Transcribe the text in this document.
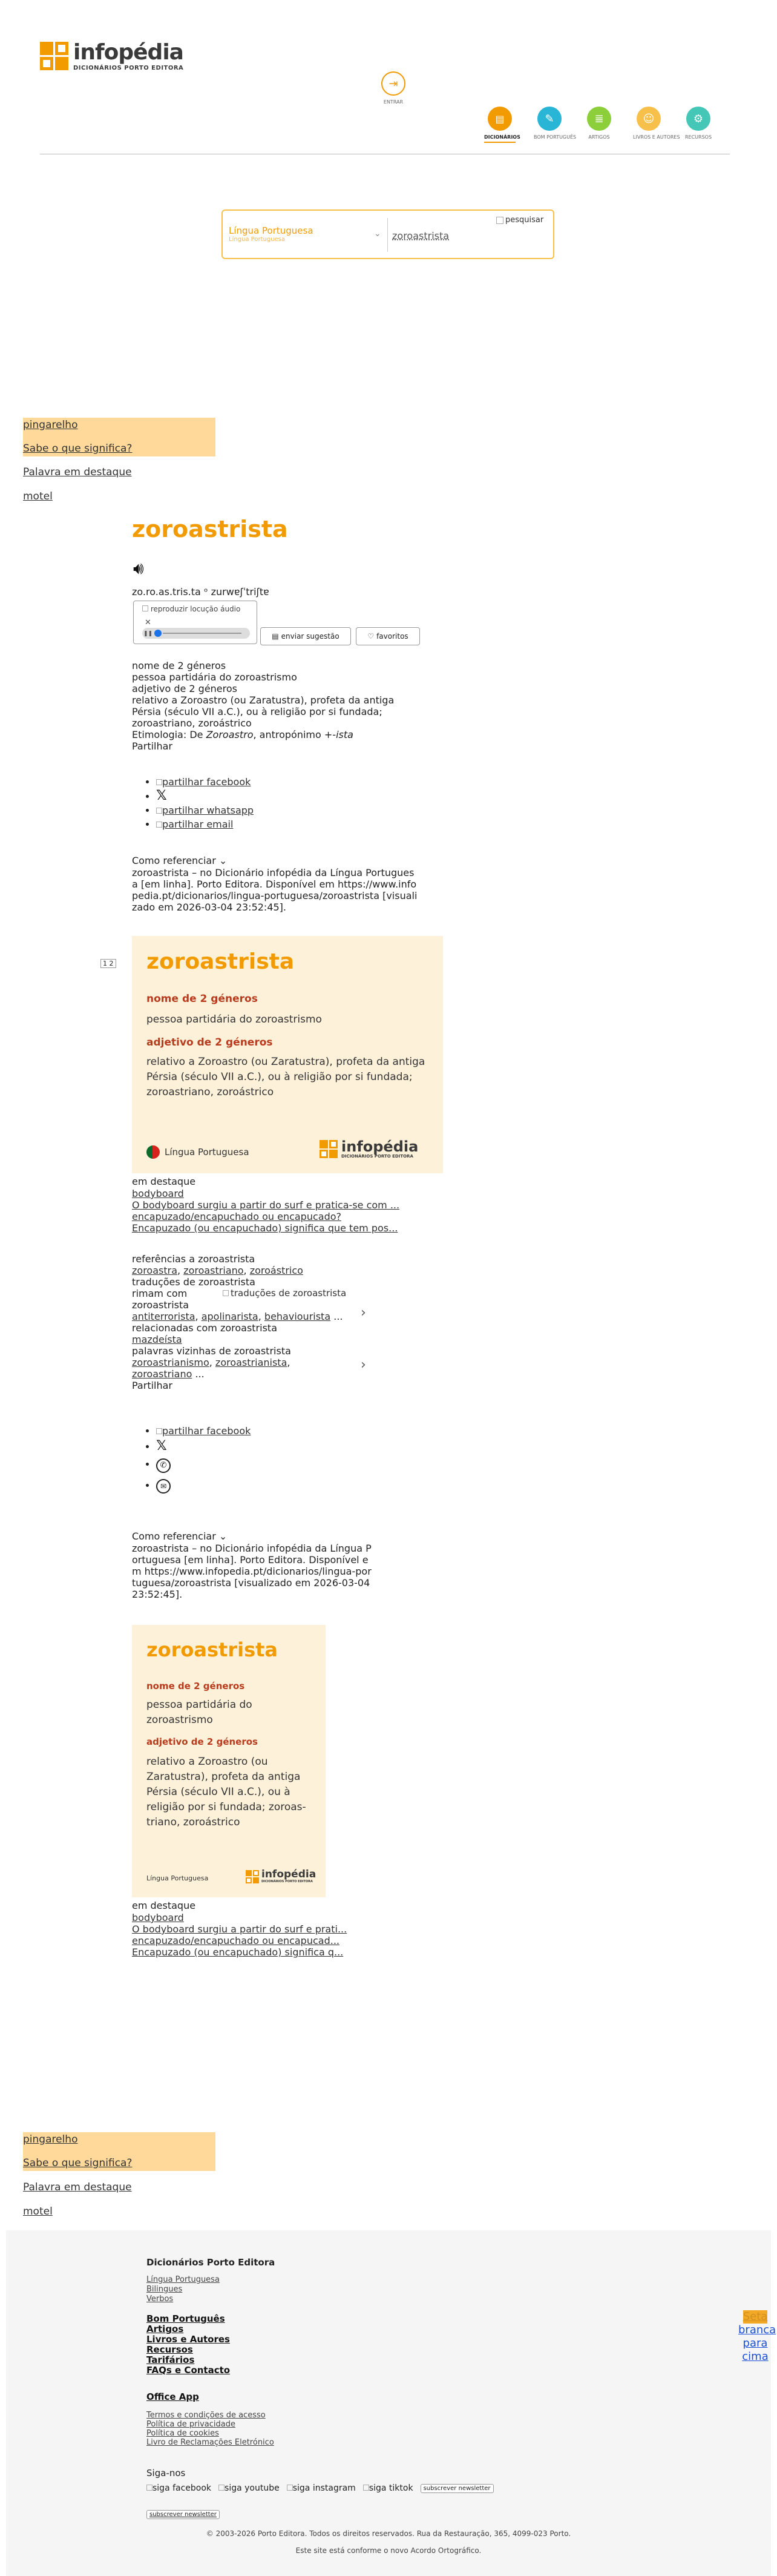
infopédia
DICIONÁRIOS PORTO EDITORA
⇥
ENTRAR
▤
DICIONÁRIOS
✎
BOM PORTUGUÊS
≣
ARTIGOS
☺
LIVROS E AUTORES
⚙
RECURSOS
Língua Portuguesa
Língua Portuguesa
⌄ zoroastrista
pesquisar
pingarelho
Sabe o que significa?
Palavra em destaque
motel
zoroastrista
🔊︎
zo.ro.as.tris.ta ᵒ zurwɐʃˈtriʃtɐ
reproduzir locução áudio
✕
❚❚	▤ enviar sugestão	♡ favoritos
nome de 2 géneros
pessoa partidária do zoroastrismo
adjetivo de 2 géneros
relativo a Zoroastro (ou Zaratustra), profeta da antiga Pérsia (século VII a.C.), ou à religião por si fundada; zoroastriano, zoroástrico
Etimologia: De Zoroastro, antropónimo +-ista
Partilhar
• partilhar facebook
• 𝕏
• partilhar whatsapp
• partilhar email
Como referenciar ⌄
zoroastrista – no Dicionário infopédia da Língua Portuguesa [em linha]. Porto Editora. Disponível em https://www.infopedia.pt/dicionarios/lingua-portuguesa/zoroastrista [visualizado em 2026-03-04 23:52:45].
1 2 zoroastrista
nome de 2 géneros
pessoa partidária do zoroastrismo
adjetivo de 2 géneros
relativo a Zoroastro (ou Zaratustra), profeta da antiga Pérsia (século VII a.C.), ou à religião por si fundada; zoroastriano, zoroástrico
Língua Portuguesa	infopédia
DICIONÁRIOS PORTO EDITORA
em destaque
bodyboard
O bodyboard surgiu a partir do surf e pratica-se com ...
encapuzado/encapuchado ou encapucado?
Encapuzado (ou encapuchado) significa que tem pos...
referências a zoroastrista
zoroastra, zoroastriano, zoroástrico
traduções de zoroastrista
rimam com
zoroastrista
traduções de zoroastrista
antiterrorista, apolinarista, behaviourista ...
relacionadas com zoroastrista
mazdeísta
palavras vizinhas de zoroastrista
zoroastrianismo, zoroastrianista, zoroastriano ...
Partilhar
›
›
• partilhar facebook
• 𝕏
• ✆
• ✉
Como referenciar ⌄
zoroastrista – no Dicionário infopédia da Língua Portuguesa [em linha]. Porto Editora. Disponível em https://www.infopedia.pt/dicionarios/lingua-portuguesa/zoroastrista [visualizado em 2026-03-04 23:52:45].
zoroastrista
nome de 2 géneros
pessoa partidária do zoroastrismo
adjetivo de 2 géneros
relativo a Zoroastro (ou Zaratustra), profeta da antiga Pérsia (século VII a.C.), ou à religião por si fundada; zoroastriano, zoroástrico
Língua Portuguesa	infopédia
DICIONÁRIOS PORTO EDITORA
em destaque
bodyboard
O bodyboard surgiu a partir do surf e prati...
encapuzado/encapuchado ou encapucad...
Encapuzado (ou encapuchado) significa q...
pingarelho
Sabe o que significa?
Palavra em destaque
motel
Dicionários Porto Editora
Língua Portuguesa
Bilingues
Verbos
Bom Português
Artigos
Livros e Autores
Recursos
Tarifários
FAQs e Contacto
Office App
Termos e condições de acesso
Política de privacidade
Política de cookies
Livro de Reclamações Eletrónico
Siga-nos
siga facebook	siga youtube	siga instagram	siga tiktok	subscrever newsletter
subscrever newsletter
© 2003-2026 Porto Editora. Todos os direitos reservados. Rua da Restauração, 365, 4099-023 Porto.
Este site está conforme o novo Acordo Ortográfico.
branca para cima
